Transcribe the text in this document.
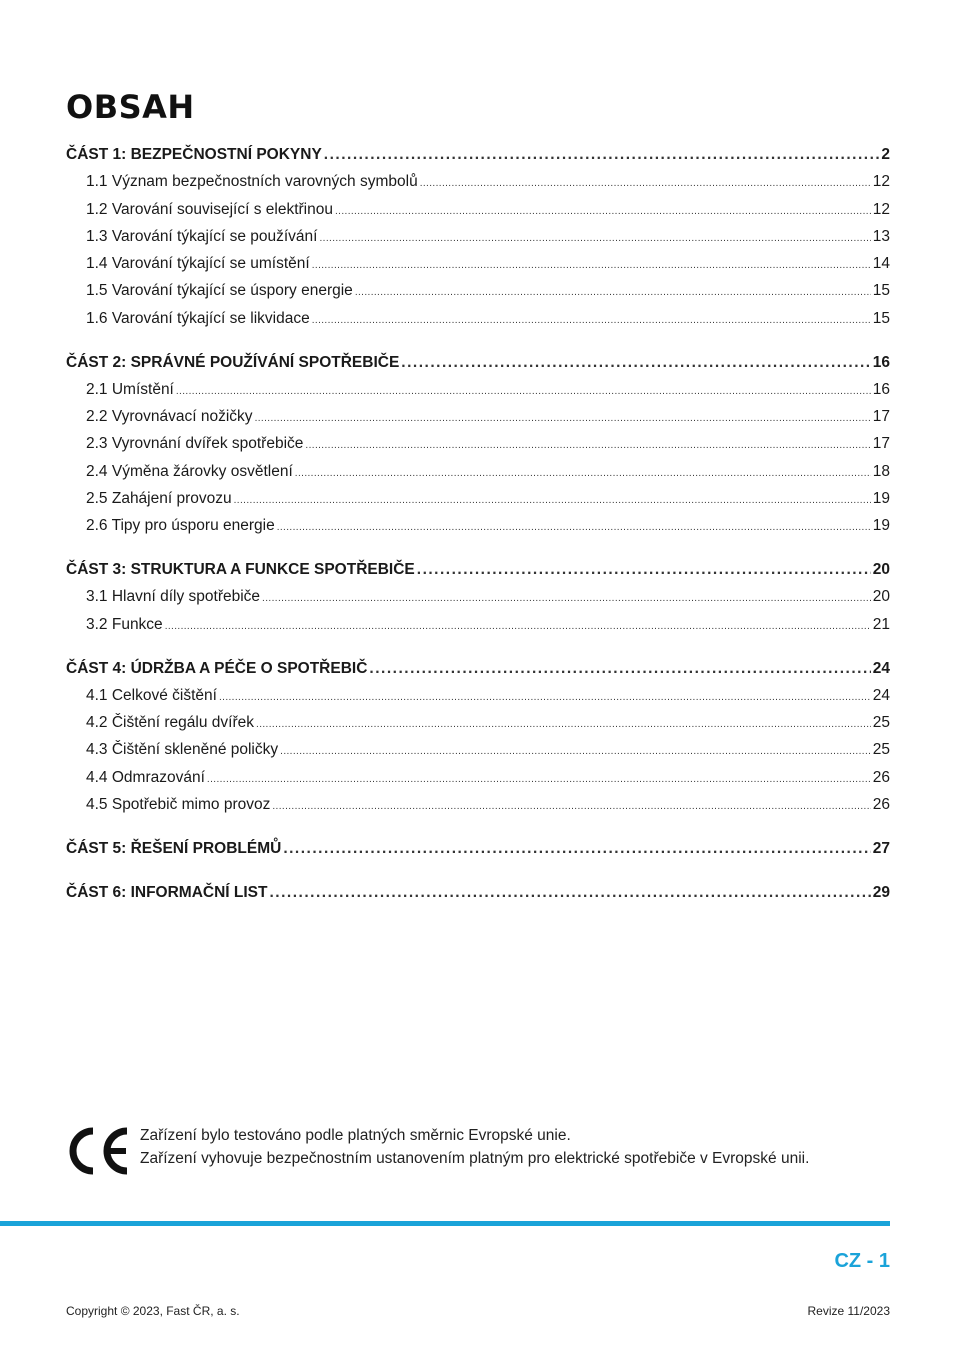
OBSAH
ČÁST 1: BEZPEČNOSTNÍ POKYNY .....	2
1.1 Význam bezpečnostních varovných symbolů .....	12
1.2 Varování související s elektřinou .....	12
1.3 Varování týkající se používání .....	13
1.4 Varování týkající se umístění .....	14
1.5 Varování týkající se úspory energie .....	15
1.6 Varování týkající se likvidace .....	15
ČÁST 2: SPRÁVNÉ POUŽÍVÁNÍ SPOTŘEBIČE .....	16
2.1 Umístění .....	16
2.2 Vyrovnávací nožičky .....	17
2.3 Vyrovnání dvířek spotřebiče .....	17
2.4 Výměna žárovky osvětlení .....	18
2.5 Zahájení provozu .....	19
2.6 Tipy pro úsporu energie .....	19
ČÁST 3: STRUKTURA A FUNKCE SPOTŘEBIČE .....	20
3.1 Hlavní díly spotřebiče .....	20
3.2 Funkce .....	21
ČÁST 4: ÚDRŽBA A PÉČE O SPOTŘEBIČ .....	24
4.1 Celkové čištění .....	24
4.2 Čištění regálu dvířek .....	25
4.3 Čištění skleněné poličky .....	25
4.4 Odmrazování .....	26
4.5 Spotřebič mimo provoz .....	26
ČÁST 5: ŘEŠENÍ PROBLÉMŮ .....	27
ČÁST 6: INFORMAČNÍ LIST .....	29
Zařízení bylo testováno podle platných směrnic Evropské unie.
Zařízení vyhovuje bezpečnostním ustanovením platným pro elektrické spotřebiče v Evropské unii.
CZ - 1
Copyright © 2023, Fast ČR, a. s.	Revize 11/2023
